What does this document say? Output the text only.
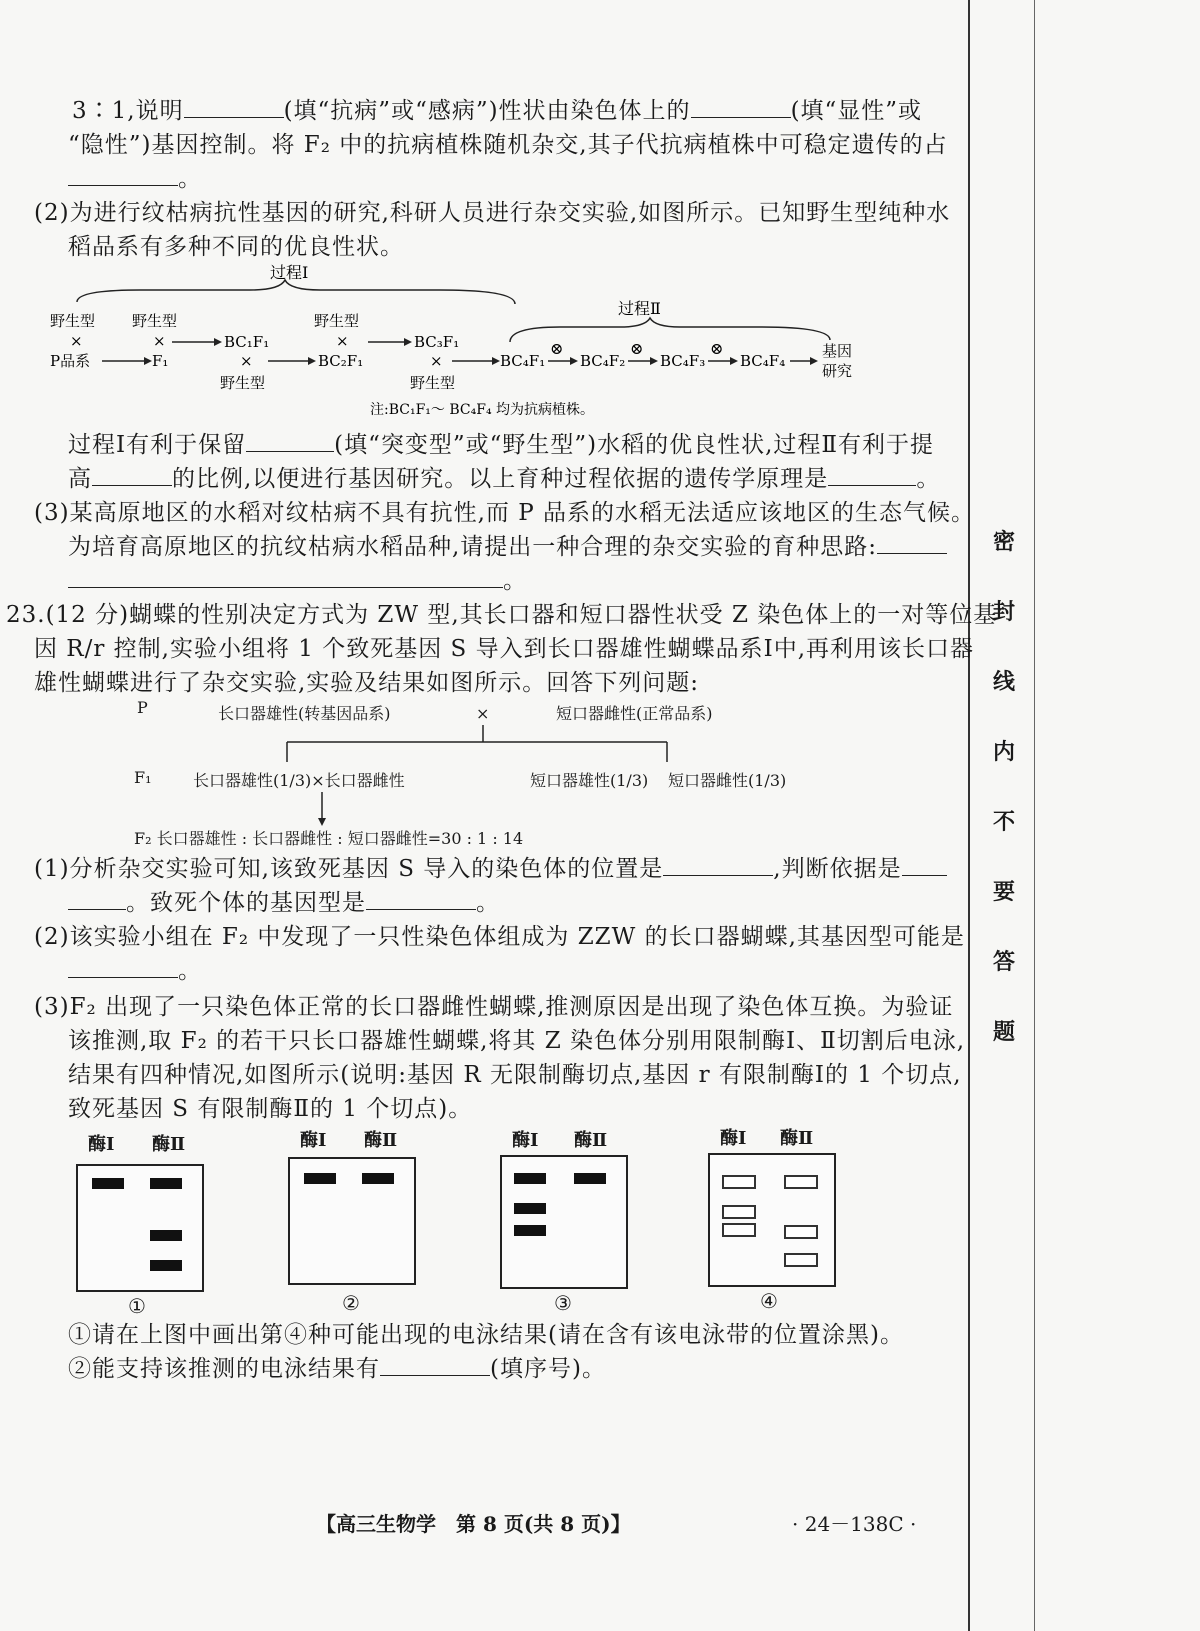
密
封
线
内
不
要
答
题
3∶1,说明	(填“抗病”或“感病”)性状由染色体上的	(填“显性”或
“隐性”)基因控制。将 F₂ 中的抗病植株随机杂交,其子代抗病植株中可稳定遗传的占
。
(2)为进行纹枯病抗性基因的研究,科研人员进行杂交实验,如图所示。已知野生型纯种水
稻品系有多种不同的优良性状。
过程Ⅰ
过程Ⅱ
野生型
×
P品系
野生型
×
F₁
BC₁F₁
×
野生型
野生型
×
BC₂F₁
BC₃F₁
×
野生型
BC₄F₁
⊗
BC₄F₂
⊗
BC₄F₃
⊗
BC₄F₄
基因
研究
注:BC₁F₁～ BC₄F₄ 均为抗病植株。
过程Ⅰ有利于保留	(填“突变型”或“野生型”)水稻的优良性状,过程Ⅱ有利于提
高	的比例,以便进行基因研究。以上育种过程依据的遗传学原理是	。
(3)某高原地区的水稻对纹枯病不具有抗性,而 P 品系的水稻无法适应该地区的生态气候。
为培育高原地区的抗纹枯病水稻品种,请提出一种合理的杂交实验的育种思路:
。
23.(12 分)蝴蝶的性别决定方式为 ZW 型,其长口器和短口器性状受 Z 染色体上的一对等位基
因 R/r 控制,实验小组将 1 个致死基因 S 导入到长口器雄性蝴蝶品系Ⅰ中,再利用该长口器
雄性蝴蝶进行了杂交实验,实验及结果如图所示。回答下列问题:
P	长口器雄性(转基因品系)	×	短口器雌性(正常品系)
F₁	长口器雄性(1/3)×长口器雌性	短口器雄性(1/3) 短口器雌性(1/3)
F₂ 长口器雄性 : 长口器雌性 : 短口器雌性=30 : 1 : 14
(1)分析杂交实验可知,该致死基因 S 导入的染色体的位置是	,判断依据是
。致死个体的基因型是	。
(2)该实验小组在 F₂ 中发现了一只性染色体组成为 ZZW 的长口器蝴蝶,其基因型可能是
。
(3)F₂ 出现了一只染色体正常的长口器雌性蝴蝶,推测原因是出现了染色体互换。为验证
该推测,取 F₂ 的若干只长口器雄性蝴蝶,将其 Z 染色体分别用限制酶Ⅰ、Ⅱ切割后电泳,
结果有四种情况,如图所示(说明:基因 R 无限制酶切点,基因 r 有限制酶Ⅰ的 1 个切点,
致死基因 S 有限制酶Ⅱ的 1 个切点)。
酶Ⅰ 酶Ⅱ
①
酶Ⅰ 酶Ⅱ
②
酶Ⅰ 酶Ⅱ
③
酶Ⅰ 酶Ⅱ
④
①请在上图中画出第④种可能出现的电泳结果(请在含有该电泳带的位置涂黑)。
②能支持该推测的电泳结果有	(填序号)。
【高三生物学　第 8 页(共 8 页)】	· 24－138C ·
